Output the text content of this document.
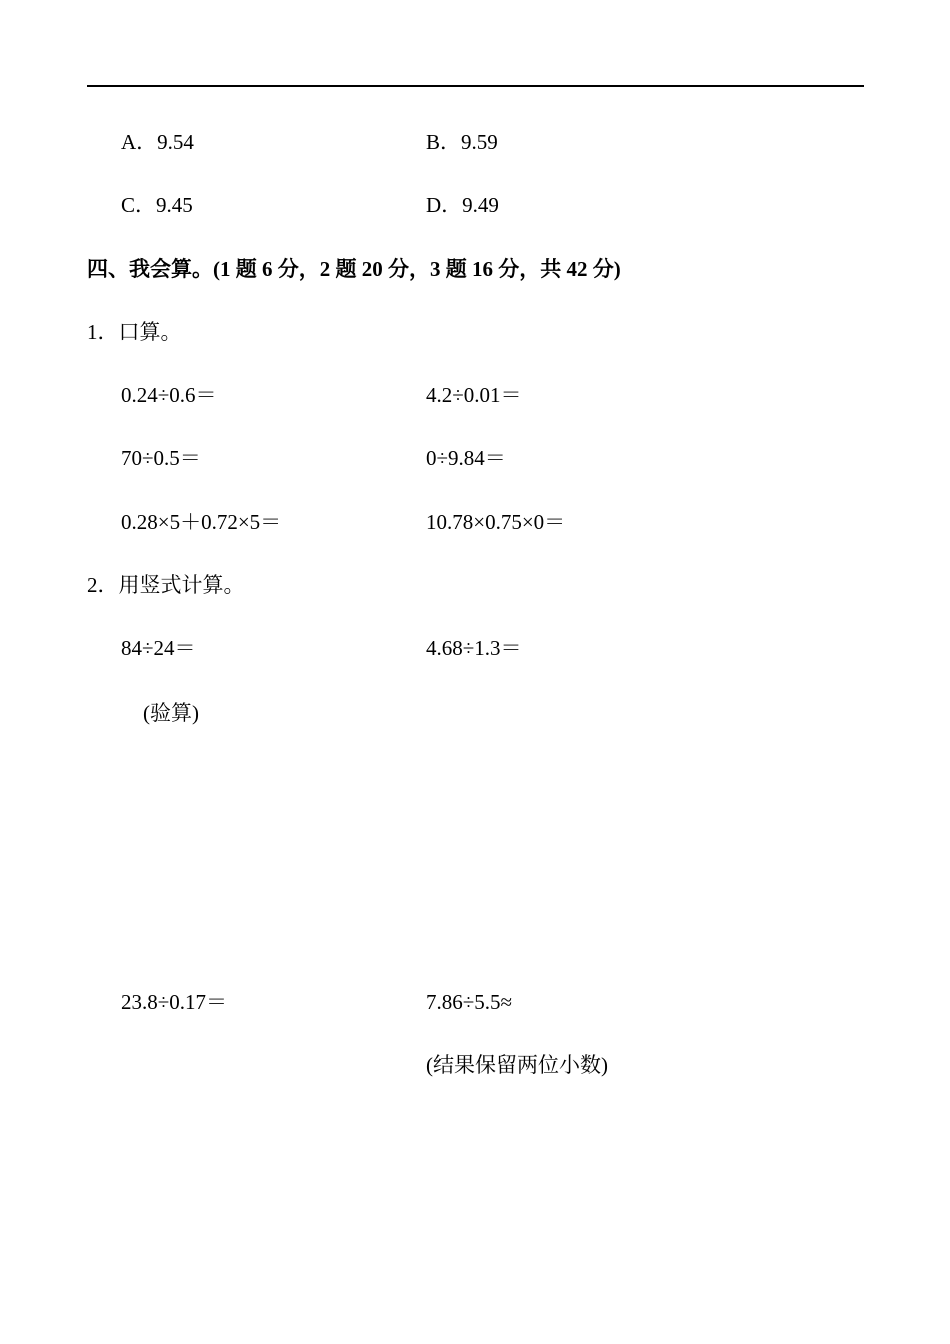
A．9.54	B．9.59
C．9.45	D．9.49
四、我会算。(1 题 6 分，2 题 20 分，3 题 16 分，共 42 分)
1．口算。
0.24÷0.6＝	4.2÷0.01＝
70÷0.5＝	0÷9.84＝
0.28×5＋0.72×5＝	10.78×0.75×0＝
2．用竖式计算。
84÷24＝	4.68÷1.3＝
(验算)
23.8÷0.17＝	7.86÷5.5≈
(结果保留两位小数)
